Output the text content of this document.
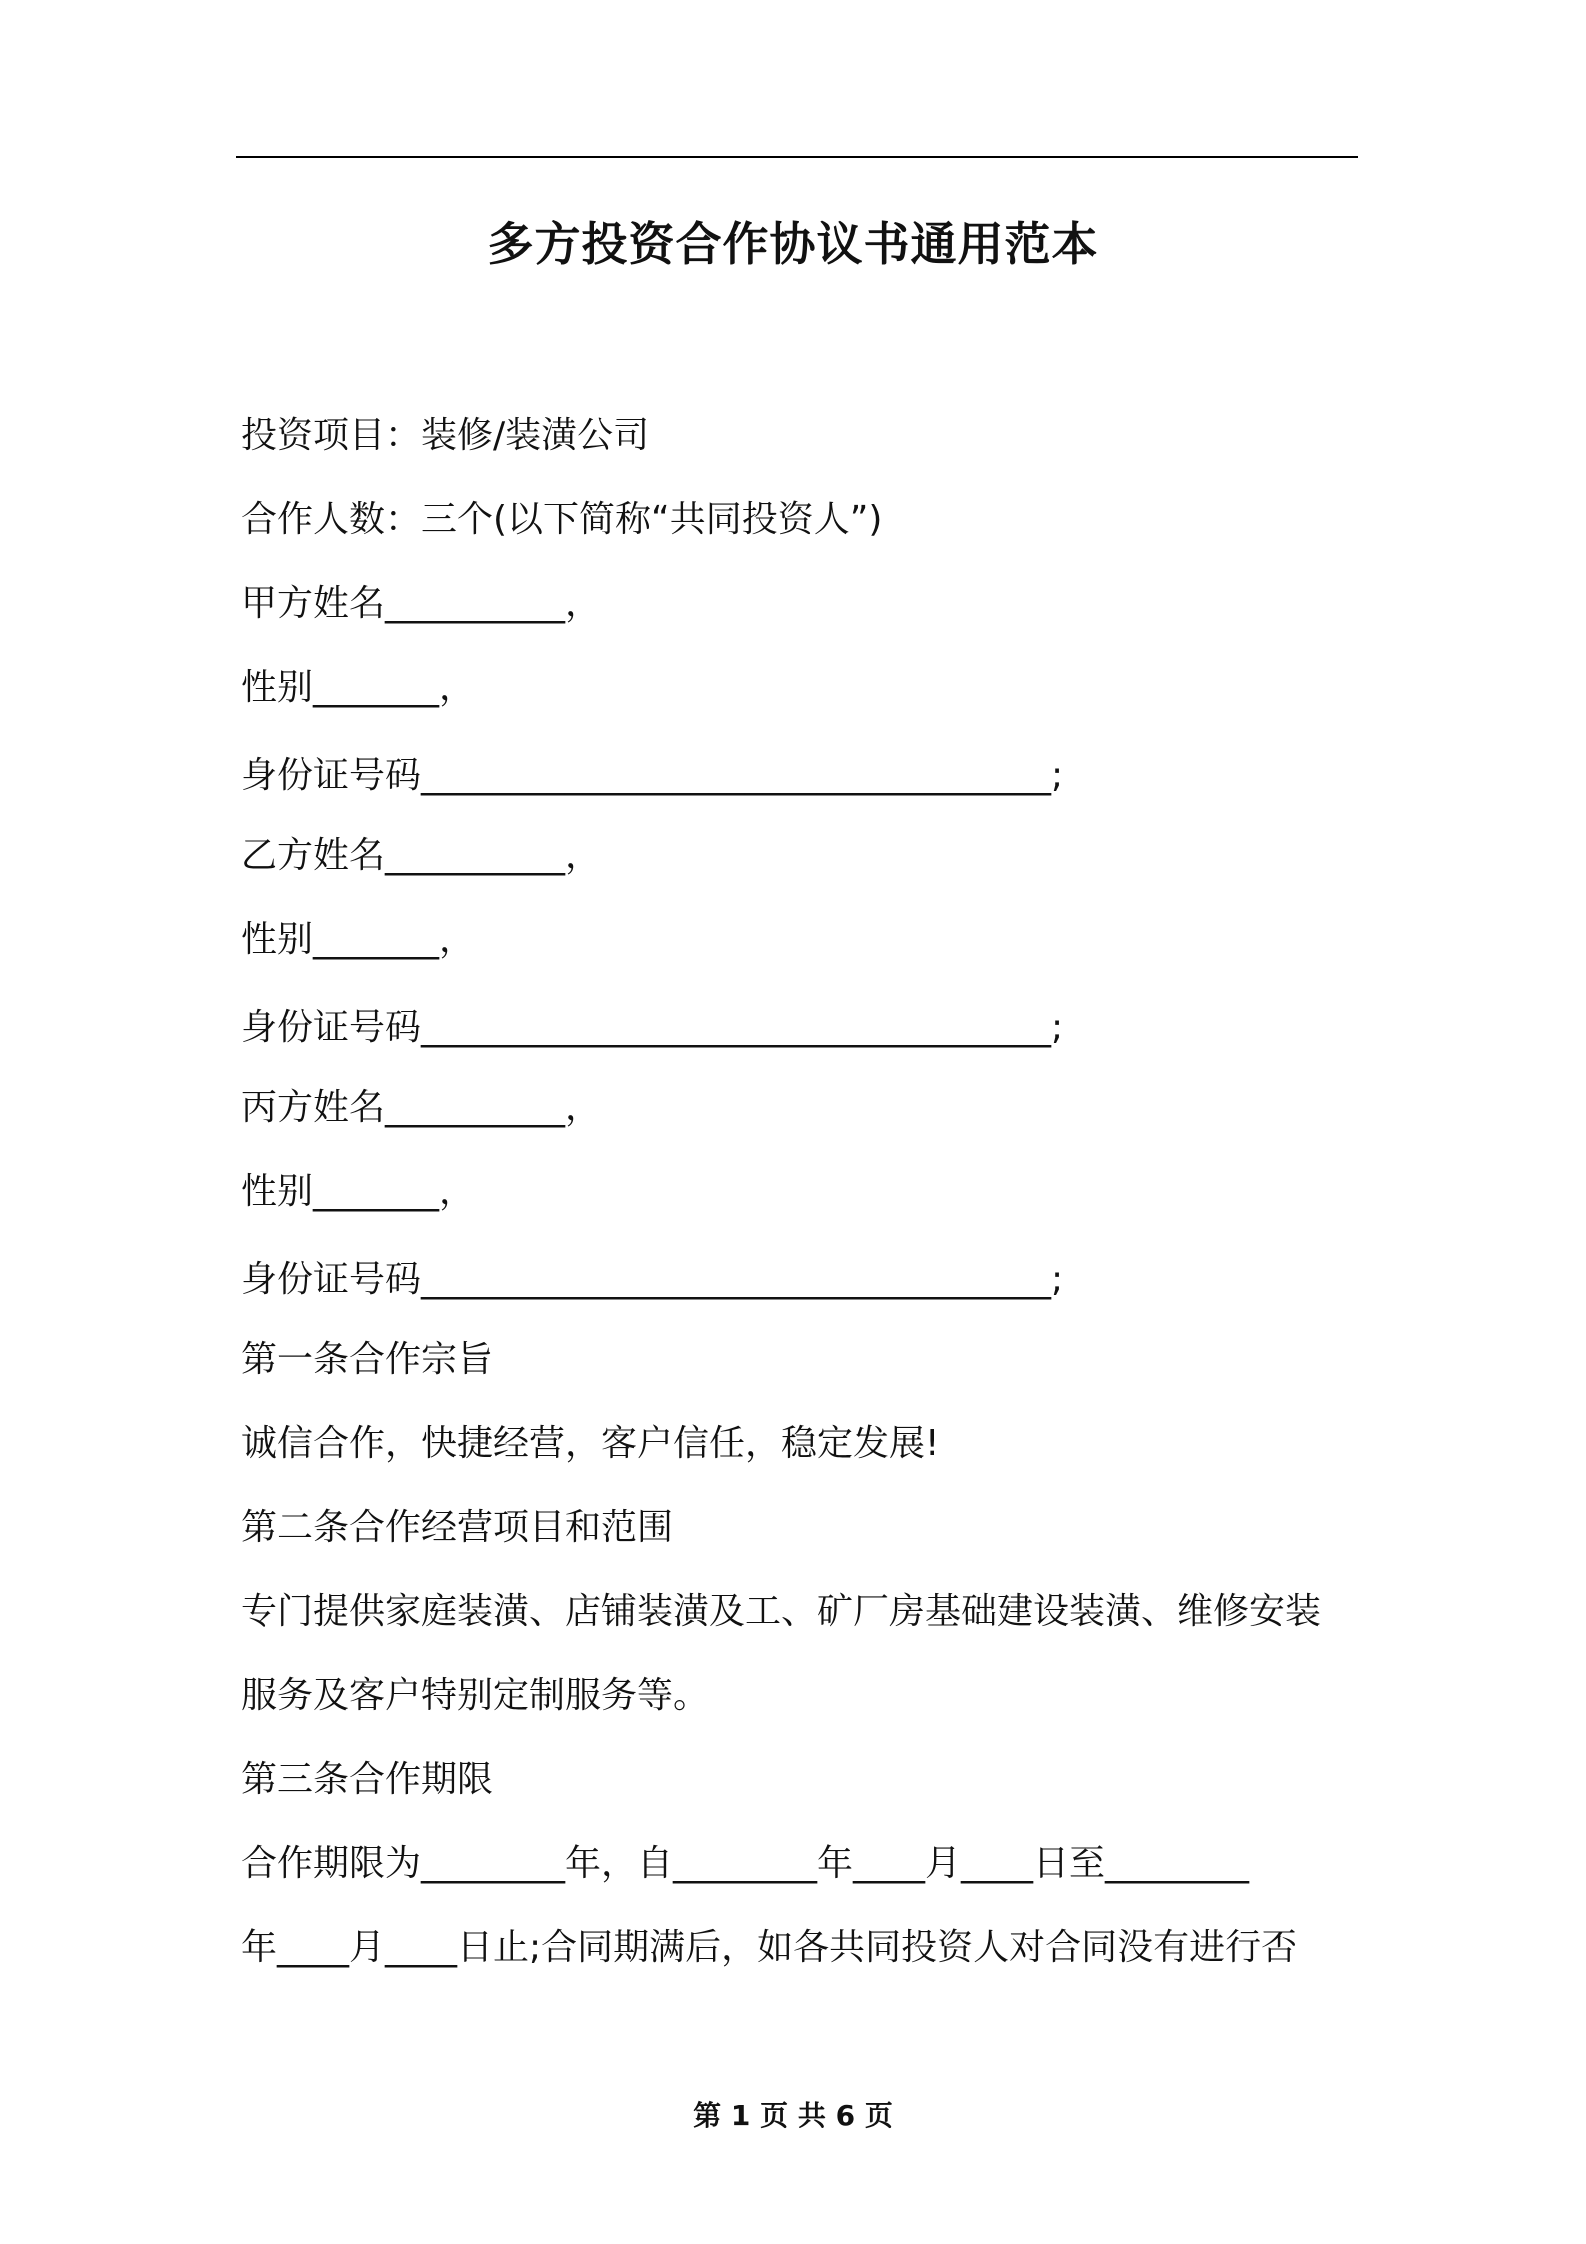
多方投资合作协议书通用范本
投资项目：装修/装潢公司
合作人数：三个(以下简称“共同投资人”)
甲方姓名__________，
性别_______，
身份证号码___________________________________;
乙方姓名__________，
性别_______，
身份证号码___________________________________;
丙方姓名__________，
性别_______，
身份证号码___________________________________;
第一条合作宗旨
诚信合作，快捷经营，客户信任，稳定发展!
第二条合作经营项目和范围
专门提供家庭装潢、店铺装潢及工、矿厂房基础建设装潢、维修安装
服务及客户特别定制服务等。
第三条合作期限
合作期限为________年，自________年____月____日至________
年____月____日止;合同期满后，如各共同投资人对合同没有进行否
第 1 页 共 6 页
